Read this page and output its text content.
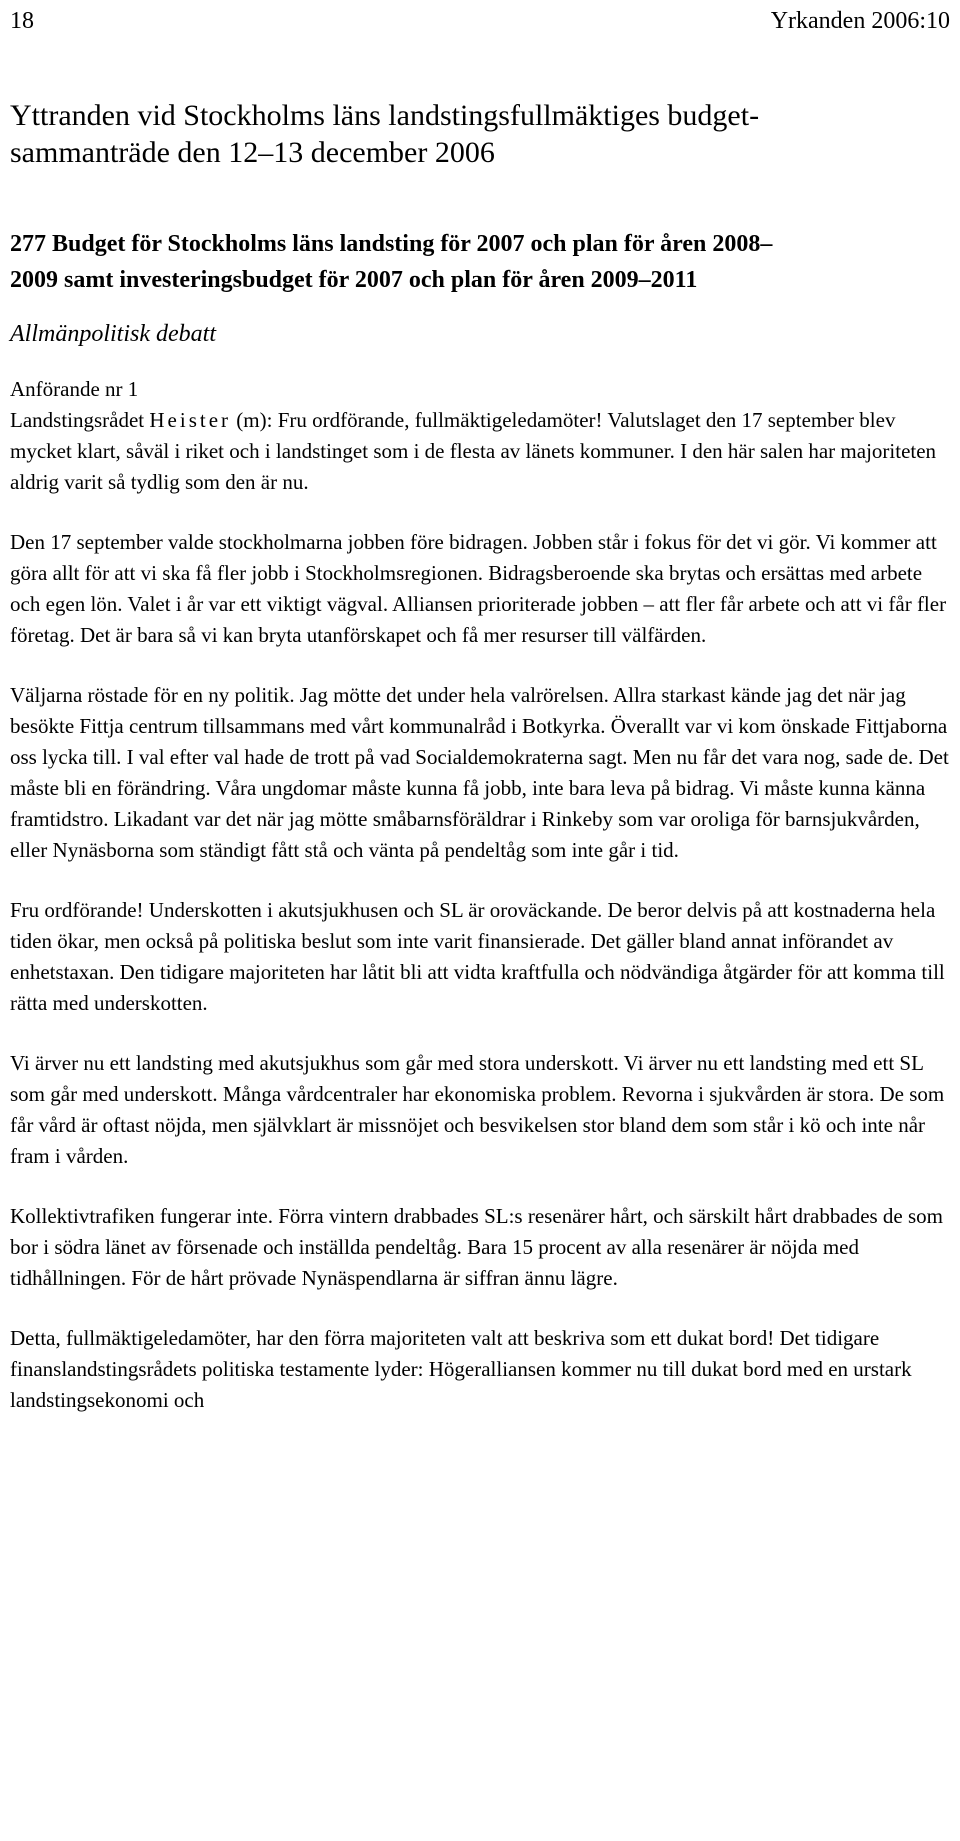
18	Yrkanden 2006:10
Yttranden vid Stockholms läns landstingsfullmäktiges budget-
sammanträde den 12–13 december 2006
277 Budget för Stockholms läns landsting för 2007 och plan för åren 2008–
2009 samt investeringsbudget för 2007 och plan för åren 2009–2011
Allmänpolitisk debatt
Anförande nr 1

Landstingsrådet Heister (m): Fru ordförande, fullmäktigeledamöter! Valutslaget den 17 september blev mycket klart, såväl i riket och i landstinget som i de flesta av länets kommuner. I den här salen har majoriteten aldrig varit så tydlig som den är nu.

Den 17 september valde stockholmarna jobben före bidragen. Jobben står i fokus för det vi gör. Vi kommer att göra allt för att vi ska få fler jobb i Stockholmsregionen. Bidragsberoende ska brytas och ersättas med arbete och egen lön. Valet i år var ett viktigt vägval. Alliansen prioriterade jobben – att fler får arbete och att vi får fler företag. Det är bara så vi kan bryta utanförskapet och få mer resurser till välfärden.

Väljarna röstade för en ny politik. Jag mötte det under hela valrörelsen. Allra starkast kände jag det när jag besökte Fittja centrum tillsammans med vårt kommunalråd i Botkyrka. Överallt var vi kom önskade Fittjaborna oss lycka till. I val efter val hade de trott på vad Socialdemokraterna sagt. Men nu får det vara nog, sade de. Det måste bli en förändring. Våra ungdomar måste kunna få jobb, inte bara leva på bidrag. Vi måste kunna känna framtidstro. Likadant var det när jag mötte småbarnsföräldrar i Rinkeby som var oroliga för barnsjukvården, eller Nynäsborna som ständigt fått stå och vänta på pendeltåg som inte går i tid.

Fru ordförande! Underskotten i akutsjukhusen och SL är oroväckande. De beror delvis på att kostnaderna hela tiden ökar, men också på politiska beslut som inte varit finansierade. Det gäller bland annat införandet av enhetstaxan. Den tidigare majoriteten har låtit bli att vidta kraftfulla och nödvändiga åtgärder för att komma till rätta med underskotten.

Vi ärver nu ett landsting med akutsjukhus som går med stora underskott. Vi ärver nu ett landsting med ett SL som går med underskott. Många vårdcentraler har ekonomiska problem. Revorna i sjukvården är stora. De som får vård är oftast nöjda, men självklart är missnöjet och besvikelsen stor bland dem som står i kö och inte når fram i vården.

Kollektivtrafiken fungerar inte. Förra vintern drabbades SL:s resenärer hårt, och särskilt hårt drabbades de som bor i södra länet av försenade och inställda pendeltåg. Bara 15 procent av alla resenärer är nöjda med tidhållningen. För de hårt prövade Nynäspendlarna är siffran ännu lägre.

Detta, fullmäktigeledamöter, har den förra majoriteten valt att beskriva som ett dukat bord! Det tidigare finanslandstingsrådets politiska testamente lyder: Högeralliansen kommer nu till dukat bord med en urstark landstingsekonomi och
